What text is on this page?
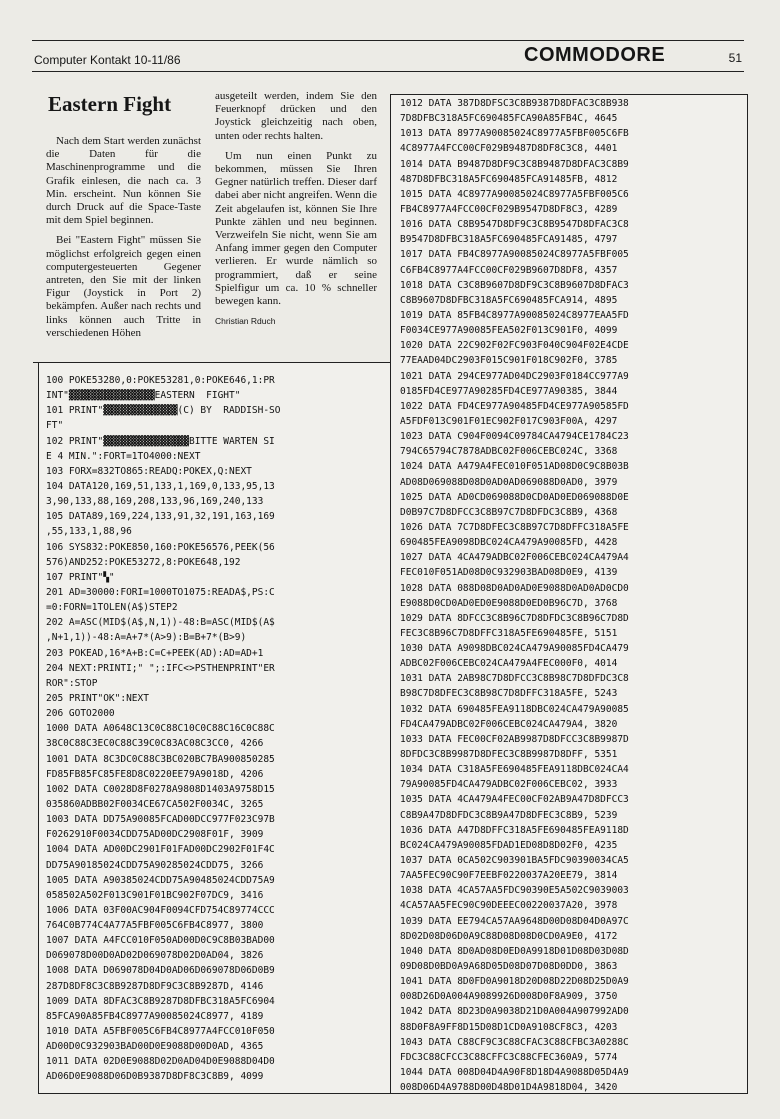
Computer Kontakt 10-11/86	COMMODORE	51
Eastern Fight

Nach dem Start werden zunächst die Daten für die Maschinenprogramme und die Grafik einlesen, die nach ca. 3 Min. erscheint. Nun können Sie durch Druck auf die Space-Taste mit dem Spiel beginnen.

Bei "Eastern Fight" müssen Sie möglichst erfolgreich gegen einen computergesteuerten Gegener antreten, den Sie mit der linken Figur (Joystick in Port 2) bekämpfen. Außer nach rechts und links können auch Tritte in verschiedenen Höhen

ausgeteilt werden, indem Sie den Feuerknopf drücken und den Joystick gleichzeitig nach oben, unten oder rechts halten.

Um nun einen Punkt zu bekommen, müssen Sie Ihren Gegner natürlich treffen. Dieser darf dabei aber nicht angreifen. Wenn die Zeit abgelaufen ist, können Sie Ihre Punkte zählen und neu beginnen. Verzweifeln Sie nicht, wenn Sie am Anfang immer gegen den Computer verlieren. Er wurde nämlich so programmiert, daß er seine Spielfigur um ca. 10 % schneller bewegen kann.

Christian Rduch
1012 DATA 387D8DFSC3C8B9387D8DFAC3C8B938
7D8DFBC318A5FC690485FCA90A85FB4C, 4645
1013 DATA 8977A90085024C8977A5FBF005C6FB
4C8977A4FCC00CF029B9487D8DF8C3C8, 4401
1014 DATA B9487D8DF9C3C8B9487D8DFAC3C8B9
487D8DFBC318A5FC690485FCA91485FB, 4812
1015 DATA 4C8977A90085024C8977A5FBF005C6
FB4C8977A4FCC00CF029B9547D8DF8C3, 4289
1016 DATA C8B9547D8DF9C3C8B9547D8DFAC3C8
B9547D8DFBC318A5FC690485FCA91485, 4797
1017 DATA FB4C8977A90085024C8977A5FBF005
C6FB4C8977A4FCC00CF029B9607D8DF8, 4357
1018 DATA C3C8B9607D8DF9C3C8B9607D8DFAC3
C8B9607D8DFBC318A5FC690485FCA914, 4895
1019 DATA 85FB4C8977A90085024C8977EAA5FD
F0034CE977A90085FEA502F013C901F0, 4099
1020 DATA 22C902F02FC903F040C904F02E4CDE
77EAAD04DC2903F015C901F018C902F0, 3785
1021 DATA 294CE977AD04DC2903F0184CC977A9
0185FD4CE977A90285FD4CE977A90385, 3844
1022 DATA FD4CE977A90485FD4CE977A90585FD
A5FDF013C901F01EC902F017C903F00A, 4297
1023 DATA C904F0094C09784CA4794CE1784C23
794C65794C7878ADBC02F006CEBC024C, 3368
1024 DATA A479A4FEC010F051AD08D0C9C8B03B
AD08D069088D08D0AD0AD069088D0AD0, 3979
1025 DATA AD0CD069088D0CD0AD0ED069088D0E
D0B97C7D8DFCC3C8B97C7D8DFDC3C8B9, 4368
1026 DATA 7C7D8DFEC3C8B97C7D8DFFC318A5FE
690485FEA9098DBC024CA479A90085FD, 4428
1027 DATA 4CA479ADBC02F006CEBC024CA479A4
FEC010F051AD08D0C932903BAD08D0E9, 4139
1028 DATA 088D08D0AD0AD0E9088D0AD0AD0CD0
E9088D0CD0AD0ED0E9088D0ED0B96C7D, 3768
1029 DATA 8DFCC3C8B96C7D8DFDC3C8B96C7D8D
FEC3C8B96C7D8DFFC318A5FE690485FE, 5151
1030 DATA A9098DBC024CA479A90085FD4CA479
ADBC02F006CEBC024CA479A4FEC000F0, 4014
1031 DATA 2AB98C7D8DFCC3C8B98C7D8DFDC3C8
B98C7D8DFEC3C8B98C7D8DFFC318A5FE, 5243
1032 DATA 690485FEA9118DBC024CA479A90085
FD4CA479ADBC02F006CEBC024CA479A4, 3820
1033 DATA FEC00CF02AB9987D8DFCC3C8B9987D
8DFDC3C8B9987D8DFEC3C8B9987D8DFF, 5351
1034 DATA C318A5FE690485FEA9118DBC024CA4
79A90085FD4CA479ADBC02F006CEBC02, 3933
1035 DATA 4CA479A4FEC00CF02AB9A47D8DFCC3
C8B9A47D8DFDC3C8B9A47D8DFEC3C8B9, 5239
1036 DATA A47D8DFFC318A5FE690485FEA9118D
BC024CA479A90085FDAD1ED08D8D02F0, 4235
1037 DATA 0CA502C903901BA5FDC90390034CA5
7AA5FEC90C90F7EEBF0220037A20EE79, 3814
1038 DATA 4CA57AA5FDC90390E5A502C9039003
4CA57AA5FEC90C90DEEEC00220037A20, 3978
1039 DATA EE794CA57AA9648D00D08D04D0A97C
8D02D08D06D0A9C88D08D08D0CD0A9E0, 4172
1040 DATA 8D0AD08D0ED0A9918D01D08D03D08D
09D08D0BD0A9A68D05D08D07D08D0DD0, 3863
1041 DATA 8D0FD0A9018D20D08D22D08D25D0A9
008D26D0A004A9089926D008D0F8A909, 3750
1042 DATA 8D23D0A9038D21D0A004A907992AD0
88D0F8A9FF8D15D08D1CD0A9108CF8C3, 4203
1043 DATA C88CF9C3C88CFAC3C88CFBC3A0288C
FDC3C88CFCC3C88CFFC3C88CFEC360A9, 5774
1044 DATA 008D04D4A90F8D18D4A9088D05D4A9
008D06D4A9788D00D48D01D4A9818D04, 3420
100 POKE53280,0:POKE53281,0:POKE646,1:PR
INT"▓▓▓▓▓▓▓▓▓▓▓▓▓▓▓EASTERN  FIGHT"
101 PRINT"▓▓▓▓▓▓▓▓▓▓▓▓▓(C) BY  RADDISH-SO
FT"
102 PRINT"▓▓▓▓▓▓▓▓▓▓▓▓▓▓▓BITTE WARTEN SI
E 4 MIN.":FORT=1TO4000:NEXT
103 FORX=832TO865:READQ:POKEX,Q:NEXT
104 DATA120,169,51,133,1,169,0,133,95,13
3,90,133,88,169,208,133,96,169,240,133
105 DATA89,169,224,133,91,32,191,163,169
,55,133,1,88,96
106 SYS832:POKE850,160:POKE56576,PEEK(56
576)AND252:POKE53272,8:POKE648,192
107 PRINT"▚"
201 AD=30000:FORI=1000TO1075:READA$,PS:C
=0:FORN=1TOLEN(A$)STEP2
202 A=ASC(MID$(A$,N,1))-48:B=ASC(MID$(A$
,N+1,1))-48:A=A+7*(A>9):B=B+7*(B>9)
203 POKEAD,16*A+B:C=C+PEEK(AD):AD=AD+1
204 NEXT:PRINTI;" ";:IFC<>PSTHENPRINT"ER
ROR":STOP
205 PRINT"OK":NEXT
206 GOTO2000
1000 DATA A0648C13C0C88C10C0C88C16C0C88C
38C0C88C3EC0C88C39C0C83AC08C3CC0, 4266
1001 DATA 8C3DC0C88C3BC020BC7BA900850285
FD85FB85FC85FE8D8C0220EE79A9018D, 4206
1002 DATA C0028D8F0278A9808D1403A9758D15
035860ADBB02F0034CE67CA502F0034C, 3265
1003 DATA DD75A90085FCAD00DCC977F023C97B
F0262910F0034CDD75AD00DC2908F01F, 3909
1004 DATA AD00DC2901F01FAD00DC2902F01F4C
DD75A90185024CDD75A90285024CDD75, 3266
1005 DATA A90385024CDD75A90485024CDD75A9
058502A502F013C901F01BC902F07DC9, 3416
1006 DATA 03F00AC904F0094CFD754C89774CCC
764C0B774C4A77A5FBF005C6FB4C8977, 3800
1007 DATA A4FCC010F050AD00D0C9C8B03BAD00
D069078D00D0AD02D069078D02D0AD04, 3826
1008 DATA D069078D04D0AD06D069078D06D0B9
287D8DF8C3C8B9287D8DF9C3C8B9287D, 4146
1009 DATA 8DFAC3C8B9287D8DFBC318A5FC6904
85FCA90A85FB4C8977A90085024C8977, 4189
1010 DATA A5FBF005C6FB4C8977A4FCC010F050
AD00D0C932903BAD00D0E9088D00D0AD, 4365
1011 DATA 02D0E9088D02D0AD04D0E9088D04D0
AD06D0E9088D06D0B9387D8DF8C3C8B9, 4099
